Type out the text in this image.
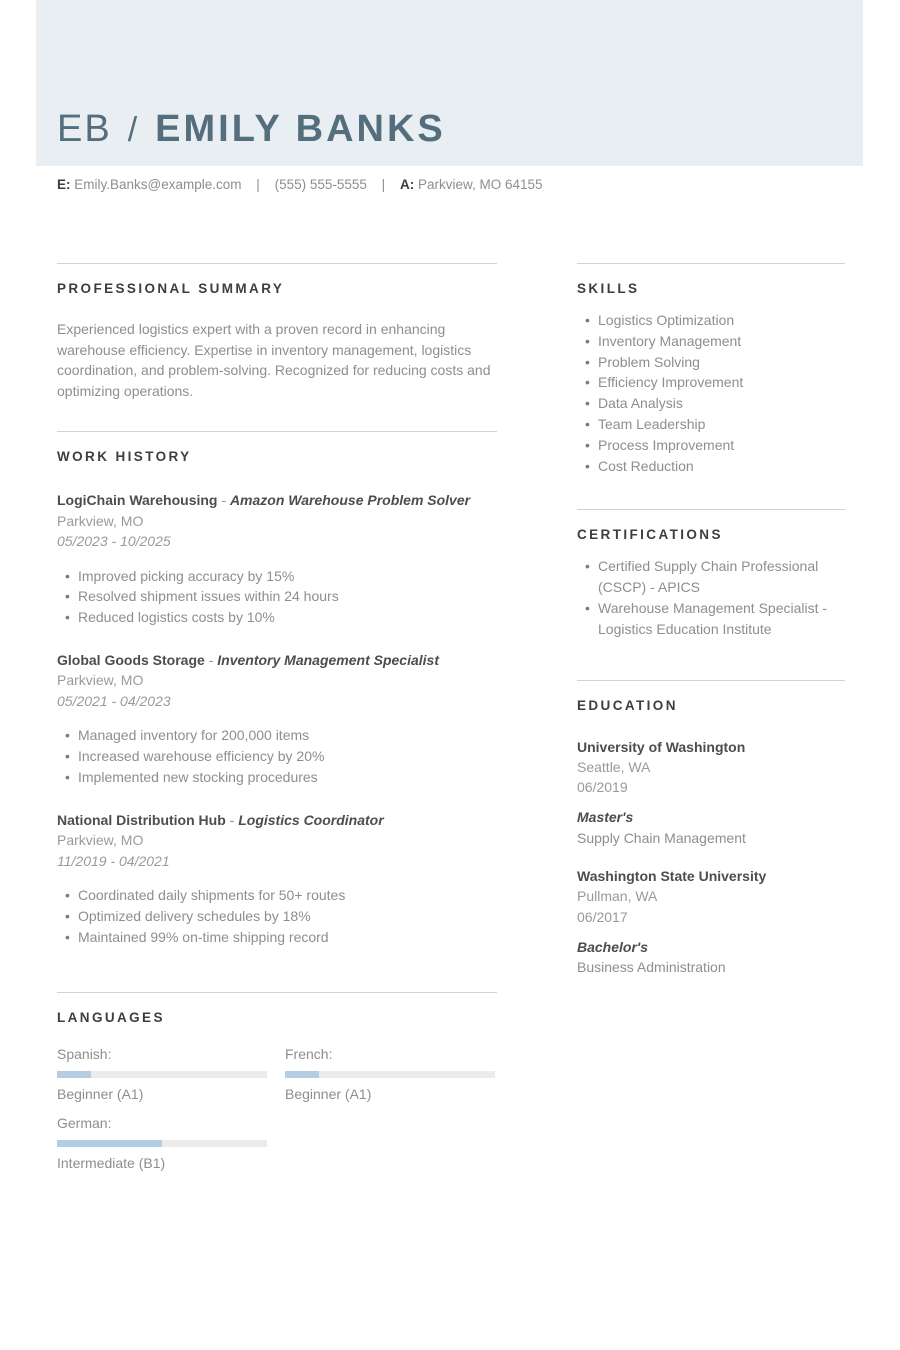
EB / EMILY BANKS
E: Emily.Banks@example.com | (555) 555-5555 | A: Parkview, MO 64155
PROFESSIONAL SUMMARY

Experienced logistics expert with a proven record in enhancing warehouse efficiency. Expertise in inventory management, logistics coordination, and problem-solving. Recognized for reducing costs and optimizing operations.

WORK HISTORY
LogiChain Warehousing - Amazon Warehouse Problem Solver
Parkview, MO
05/2023 - 10/2025
• Improved picking accuracy by 15%
• Resolved shipment issues within 24 hours
• Reduced logistics costs by 10%
Global Goods Storage - Inventory Management Specialist
Parkview, MO
05/2021 - 04/2023
• Managed inventory for 200,000 items
• Increased warehouse efficiency by 20%
• Implemented new stocking procedures
National Distribution Hub - Logistics Coordinator
Parkview, MO
11/2019 - 04/2021
• Coordinated daily shipments for 50+ routes
• Optimized delivery schedules by 18%
• Maintained 99% on-time shipping record
LANGUAGES
Spanish:
Beginner (A1)
French:
Beginner (A1)
German:
Intermediate (B1)
SKILLS
• Logistics Optimization
• Inventory Management
• Problem Solving
• Efficiency Improvement
• Data Analysis
• Team Leadership
• Process Improvement
• Cost Reduction
CERTIFICATIONS
• Certified Supply Chain Professional (CSCP) - APICS
• Warehouse Management Specialist - Logistics Education Institute
EDUCATION
University of Washington
Seattle, WA
06/2019
Master's
Supply Chain Management
Washington State University
Pullman, WA
06/2017
Bachelor's
Business Administration
